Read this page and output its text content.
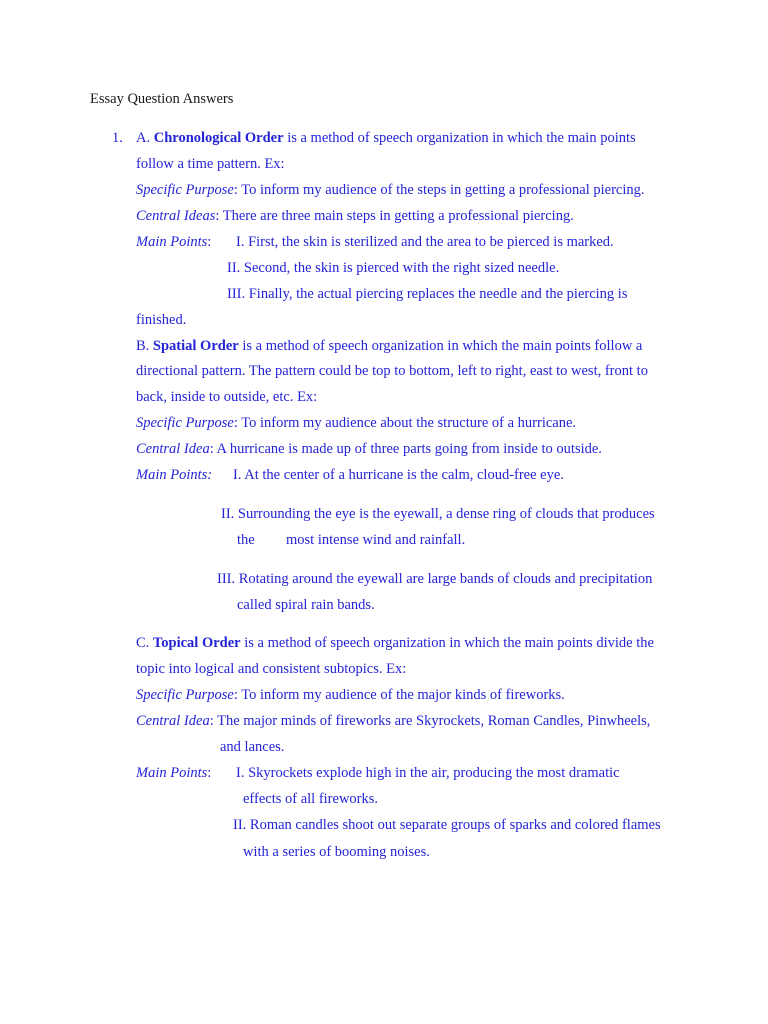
Essay Question Answers
1. A. Chronological Order is a method of speech organization in which the main points
follow a time pattern. Ex:
Specific Purpose: To inform my audience of the steps in getting a professional piercing.
Central Ideas: There are three main steps in getting a professional piercing.
Main Points: I. First, the skin is sterilized and the area to be pierced is marked.
II. Second, the skin is pierced with the right sized needle.
III. Finally, the actual piercing replaces the needle and the piercing is
finished.
B. Spatial Order is a method of speech organization in which the main points follow a
directional pattern. The pattern could be top to bottom, left to right, east to west, front to
back, inside to outside, etc. Ex:
Specific Purpose: To inform my audience about the structure of a hurricane.
Central Idea: A hurricane is made up of three parts going from inside to outside.
Main Points: I. At the center of a hurricane is the calm, cloud-free eye.
II. Surrounding the eye is the eyewall, a dense ring of clouds that produces
the most intense wind and rainfall.
III. Rotating around the eyewall are large bands of clouds and precipitation
called spiral rain bands.
C. Topical Order is a method of speech organization in which the main points divide the
topic into logical and consistent subtopics. Ex:
Specific Purpose: To inform my audience of the major kinds of fireworks.
Central Idea: The major minds of fireworks are Skyrockets, Roman Candles, Pinwheels,
and lances.
Main Points: I. Skyrockets explode high in the air, producing the most dramatic
effects of all fireworks.
II. Roman candles shoot out separate groups of sparks and colored flames
with a series of booming noises.
